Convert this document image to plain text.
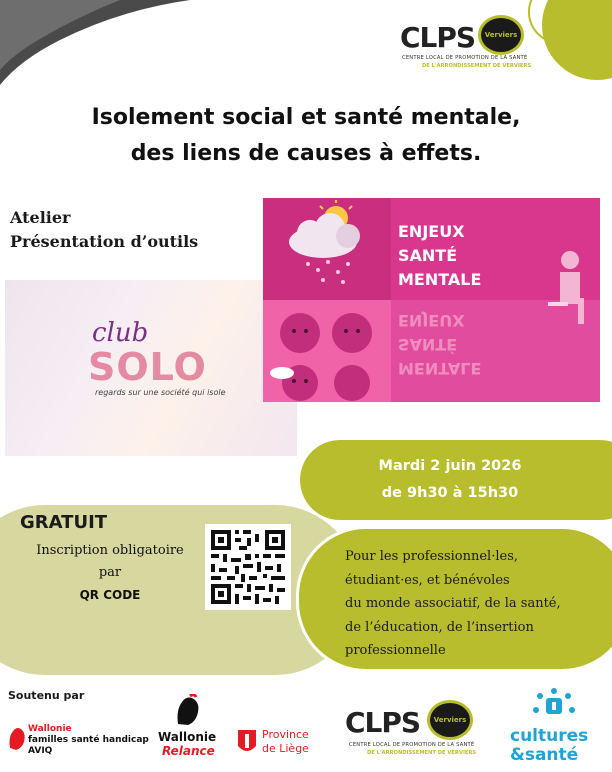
CLPS	Verviers
CENTRE LOCAL DE PROMOTION DE LA SANTÉ
DE L'ARRONDISSEMENT DE VERVIERS
Isolement social et santé mentale,
des liens de causes à effets.
Atelier
Présentation d’outils
club
SOLO
regards sur une société qui isole
ENJEUX
SANTÉ
MENTALE
MENTALE
SANTÉ
ENJEUX
Mardi 2 juin 2026
de 9h30 à 15h30
GRATUIT
Inscription obligatoire
par
QR CODE
Pour les professionnel·les,
étudiant·es, et bénévoles
du monde associatif, de la santé,
de l’éducation, de l’insertion
professionnelle
Soutenu par
Wallonie
familles santé handicap
AVIQ
Wallonie
Relance
Province
de Liège
CLPS	Verviers
CENTRE LOCAL DE PROMOTION DE LA SANTÉ
DE L'ARRONDISSEMENT DE VERVIERS
cultures
&santé
